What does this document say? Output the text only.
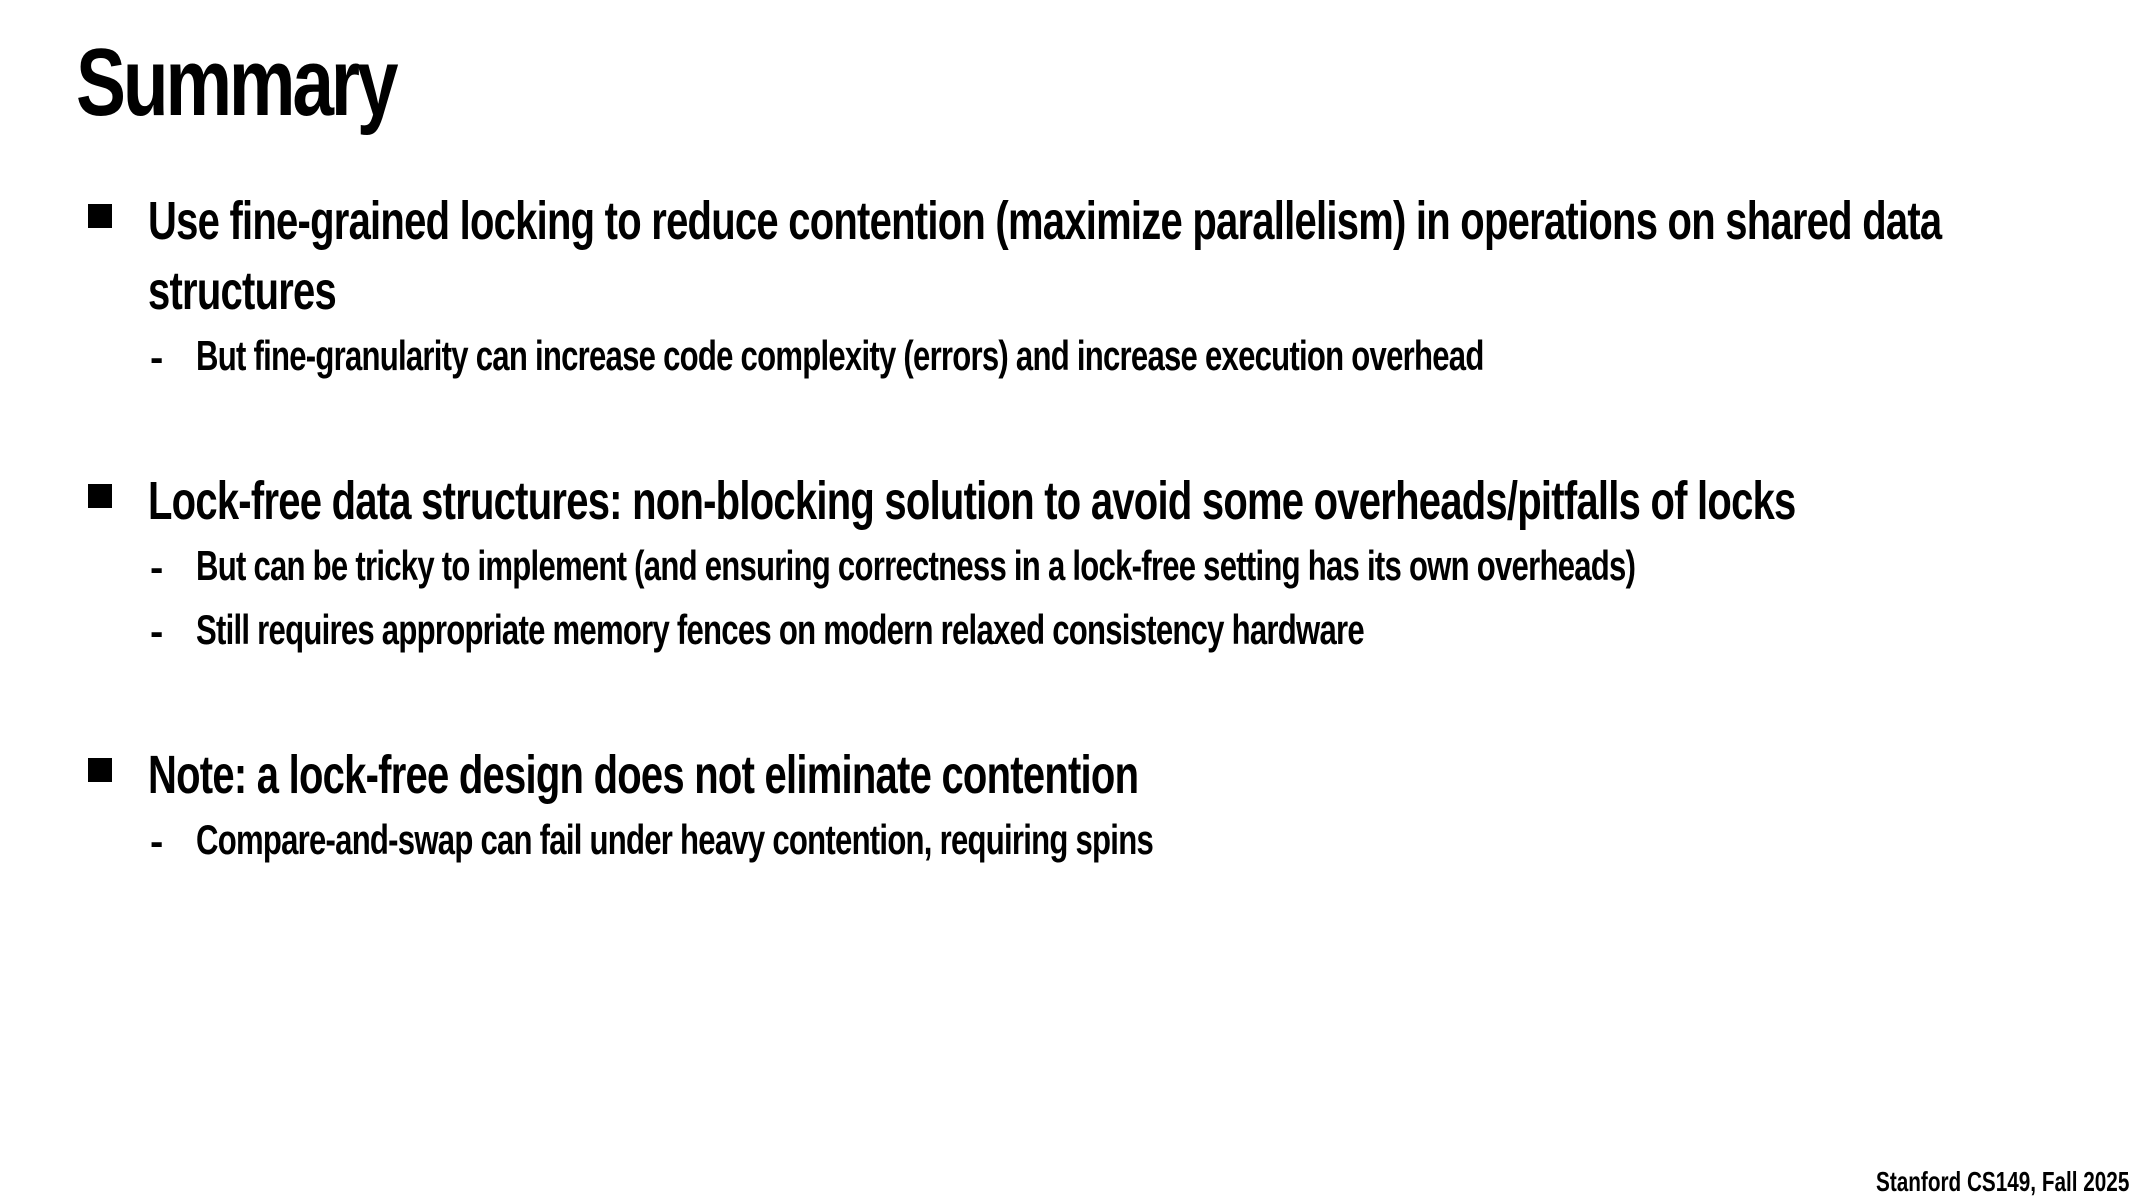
Summary
Use fine-grained locking to reduce contention (maximize parallelism) in operations on shared data structures
- But fine-granularity can increase code complexity (errors) and increase execution overhead
Lock-free data structures: non-blocking solution to avoid some overheads/pitfalls of locks
- But can be tricky to implement (and ensuring correctness in a lock-free setting has its own overheads)
- Still requires appropriate memory fences on modern relaxed consistency hardware
Note: a lock-free design does not eliminate contention
- Compare-and-swap can fail under heavy contention, requiring spins
Stanford CS149, Fall 2025
